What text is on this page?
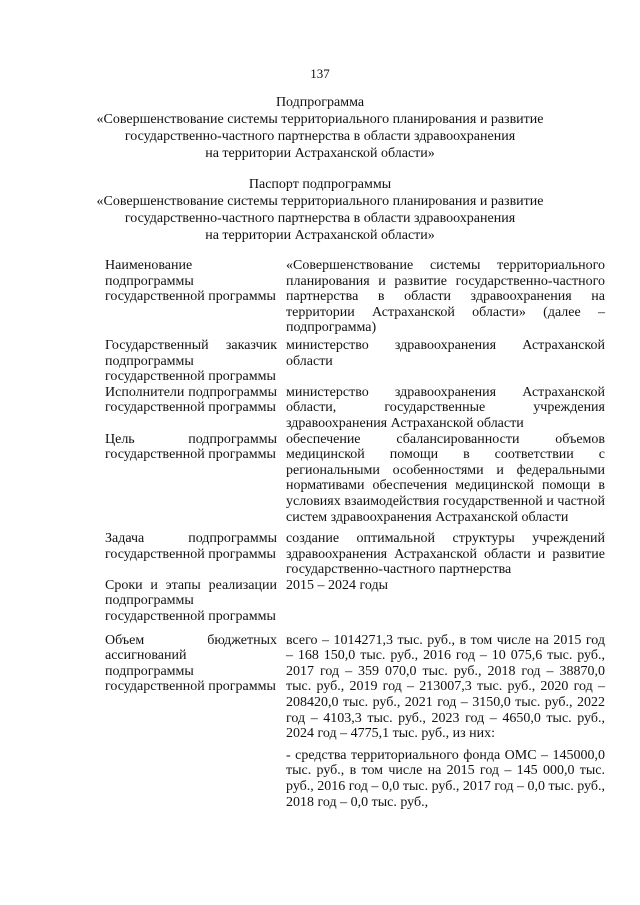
137
Подпрограмма
«Совершенствование системы территориального планирования и развитие
государственно-частного партнерства в области здравоохранения
на территории Астраханской области»
Паспорт подпрограммы
«Совершенствование системы территориального планирования и развитие
государственно-частного партнерства в области здравоохранения
на территории Астраханской области»
Наименование подпрограммы государственной программы

«Совершенствование системы территориального планирования и развитие государственно-частного партнерства в области здравоохранения на территории Астраханской области» (далее – подпрограмма)

Государственный заказчик подпрограммы государственной программы

министерство здравоохранения Астраханской области

Исполнители подпрограммы государственной программы

министерство здравоохранения Астраханской области, государственные учреждения здравоохранения Астраханской области

Цель подпрограммы государственной программы

обеспечение сбалансированности объемов медицинской помощи в соответствии с региональными особенностями и федеральными нормативами обеспечения медицинской помощи в условиях взаимодействия государственной и частной систем здравоохранения Астраханской области

Задача подпрограммы государственной программы

создание оптимальной структуры учреждений здравоохранения Астраханской области и развитие государственно-частного партнерства

Сроки и этапы реализации подпрограммы государственной программы

2015 – 2024 годы

Объем бюджетных ассигнований подпрограммы государственной программы

всего – 1014271,3 тыс. руб., в том числе на 2015 год – 168 150,0 тыс. руб., 2016 год – 10 075,6 тыс. руб., 2017 год – 359 070,0 тыс. руб., 2018 год – 38870,0 тыс. руб., 2019 год – 213007,3 тыс. руб., 2020 год – 208420,0 тыс. руб., 2021 год – 3150,0 тыс. руб., 2022 год – 4103,3 тыс. руб., 2023 год – 4650,0 тыс. руб., 2024 год – 4775,1 тыс. руб., из них:

- средства территориального фонда ОМС – 145000,0 тыс. руб., в том числе на 2015 год – 145 000,0 тыс. руб., 2016 год – 0,0 тыс. руб., 2017 год – 0,0 тыс. руб., 2018 год – 0,0 тыс. руб.,
